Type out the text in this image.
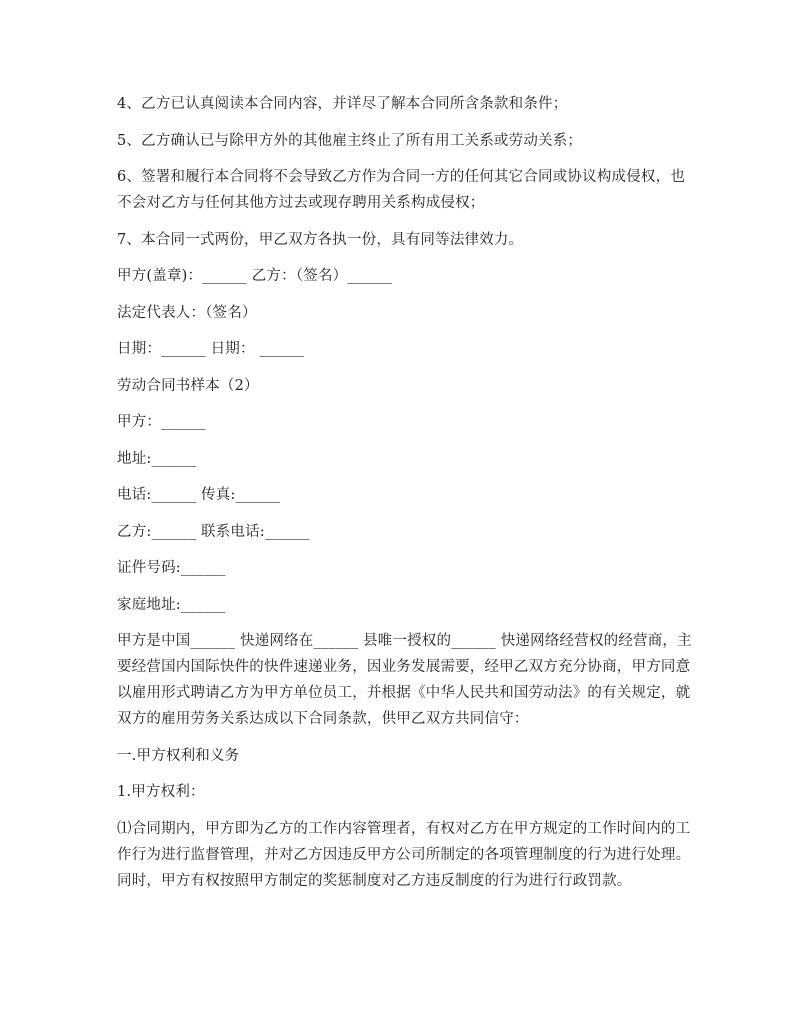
4、乙方已认真阅读本合同内容，并详尽了解本合同所含条款和条件；

5、乙方确认已与除甲方外的其他雇主终止了所有用工关系或劳动关系；

6、签署和履行本合同将不会导致乙方作为合同一方的任何其它合同或协议构成侵权，也不会对乙方与任何其他方过去或现存聘用关系构成侵权；

7、本合同一式两份，甲乙双方各执一份，具有同等法律效力。

甲方(盖章)：______ 乙方：（签名）______

法定代表人：（签名）

日期：______ 日期： ______

劳动合同书样本（2）

甲方：______

地址:______

电话:______ 传真:______

乙方:______ 联系电话:______

证件号码:______

家庭地址:______

甲方是中国______ 快递网络在______ 县唯一授权的______ 快递网络经营权的经营商，主要经营国内国际快件的快件速递业务，因业务发展需要，经甲乙双方充分协商，甲方同意以雇用形式聘请乙方为甲方单位员工，并根据《中华人民共和国劳动法》的有关规定，就双方的雇用劳务关系达成以下合同条款，供甲乙双方共同信守：

一.甲方权利和义务

1.甲方权利：

⑴合同期内，甲方即为乙方的工作内容管理者，有权对乙方在甲方规定的工作时间内的工作行为进行监督管理，并对乙方因违反甲方公司所制定的各项管理制度的行为进行处理。同时，甲方有权按照甲方制定的奖惩制度对乙方违反制度的行为进行行政罚款。
